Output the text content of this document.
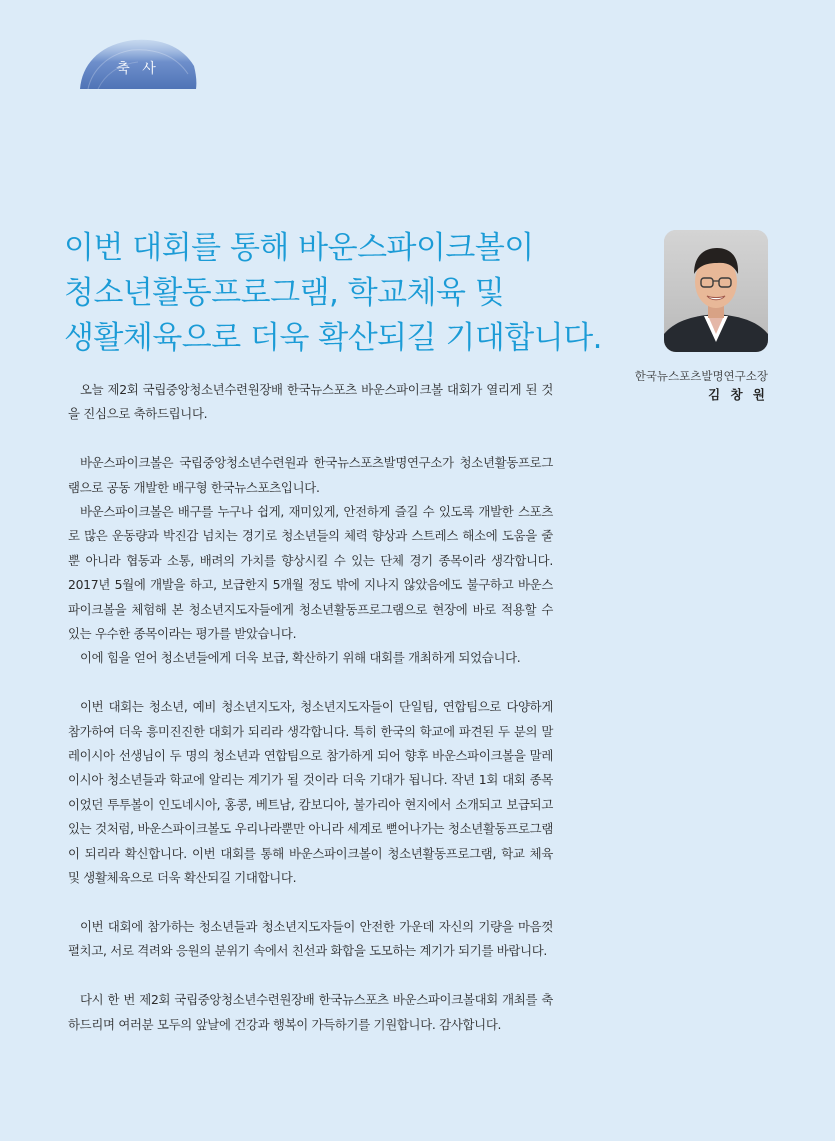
축 사
이번 대회를 통해 바운스파이크볼이
청소년활동프로그램, 학교체육 및
생활체육으로 더욱 확산되길 기대합니다.
한국뉴스포츠발명연구소장
김 창 원

오늘 제2회 국립중앙청소년수련원장배 한국뉴스포츠 바운스파이크볼 대회가 열리게 된 것을 진심으로 축하드립니다.

바운스파이크볼은 국립중앙청소년수련원과 한국뉴스포츠발명연구소가 청소년활동프로그램으로 공동 개발한 배구형 한국뉴스포츠입니다.

바운스파이크볼은 배구를 누구나 쉽게, 재미있게, 안전하게 즐길 수 있도록 개발한 스포츠로 많은 운동량과 박진감 넘치는 경기로 청소년들의 체력 향상과 스트레스 해소에 도움을 줄 뿐 아니라 협동과 소통, 배려의 가치를 향상시킬 수 있는 단체 경기 종목이라 생각합니다. 2017년 5월에 개발을 하고, 보급한지 5개월 정도 밖에 지나지 않았음에도 불구하고 바운스파이크볼을 체험해 본 청소년지도자들에게 청소년활동프로그램으로 현장에 바로 적용할 수 있는 우수한 종목이라는 평가를 받았습니다.

이에 힘을 얻어 청소년들에게 더욱 보급, 확산하기 위해 대회를 개최하게 되었습니다.

이번 대회는 청소년, 예비 청소년지도자, 청소년지도자들이 단일팀, 연합팀으로 다양하게 참가하여 더욱 흥미진진한 대회가 되리라 생각합니다. 특히 한국의 학교에 파견된 두 분의 말레이시아 선생님이 두 명의 청소년과 연합팀으로 참가하게 되어 향후 바운스파이크볼을 말레이시아 청소년들과 학교에 알리는 계기가 될 것이라 더욱 기대가 됩니다. 작년 1회 대회 종목이었던 투투볼이 인도네시아, 홍콩, 베트남, 캄보디아, 불가리아 현지에서 소개되고 보급되고 있는 것처럼, 바운스파이크볼도 우리나라뿐만 아니라 세계로 뻗어나가는 청소년활동프로그램이 되리라 확신합니다. 이번 대회를 통해 바운스파이크볼이 청소년활동프로그램, 학교 체육 및 생활체육으로 더욱 확산되길 기대합니다.

이번 대회에 참가하는 청소년들과 청소년지도자들이 안전한 가운데 자신의 기량을 마음껏 펼치고, 서로 격려와 응원의 분위기 속에서 친선과 화합을 도모하는 계기가 되기를 바랍니다.

다시 한 번 제2회 국립중앙청소년수련원장배 한국뉴스포츠 바운스파이크볼대회 개최를 축하드리며 여러분 모두의 앞날에 건강과 행복이 가득하기를 기원합니다. 감사합니다.
